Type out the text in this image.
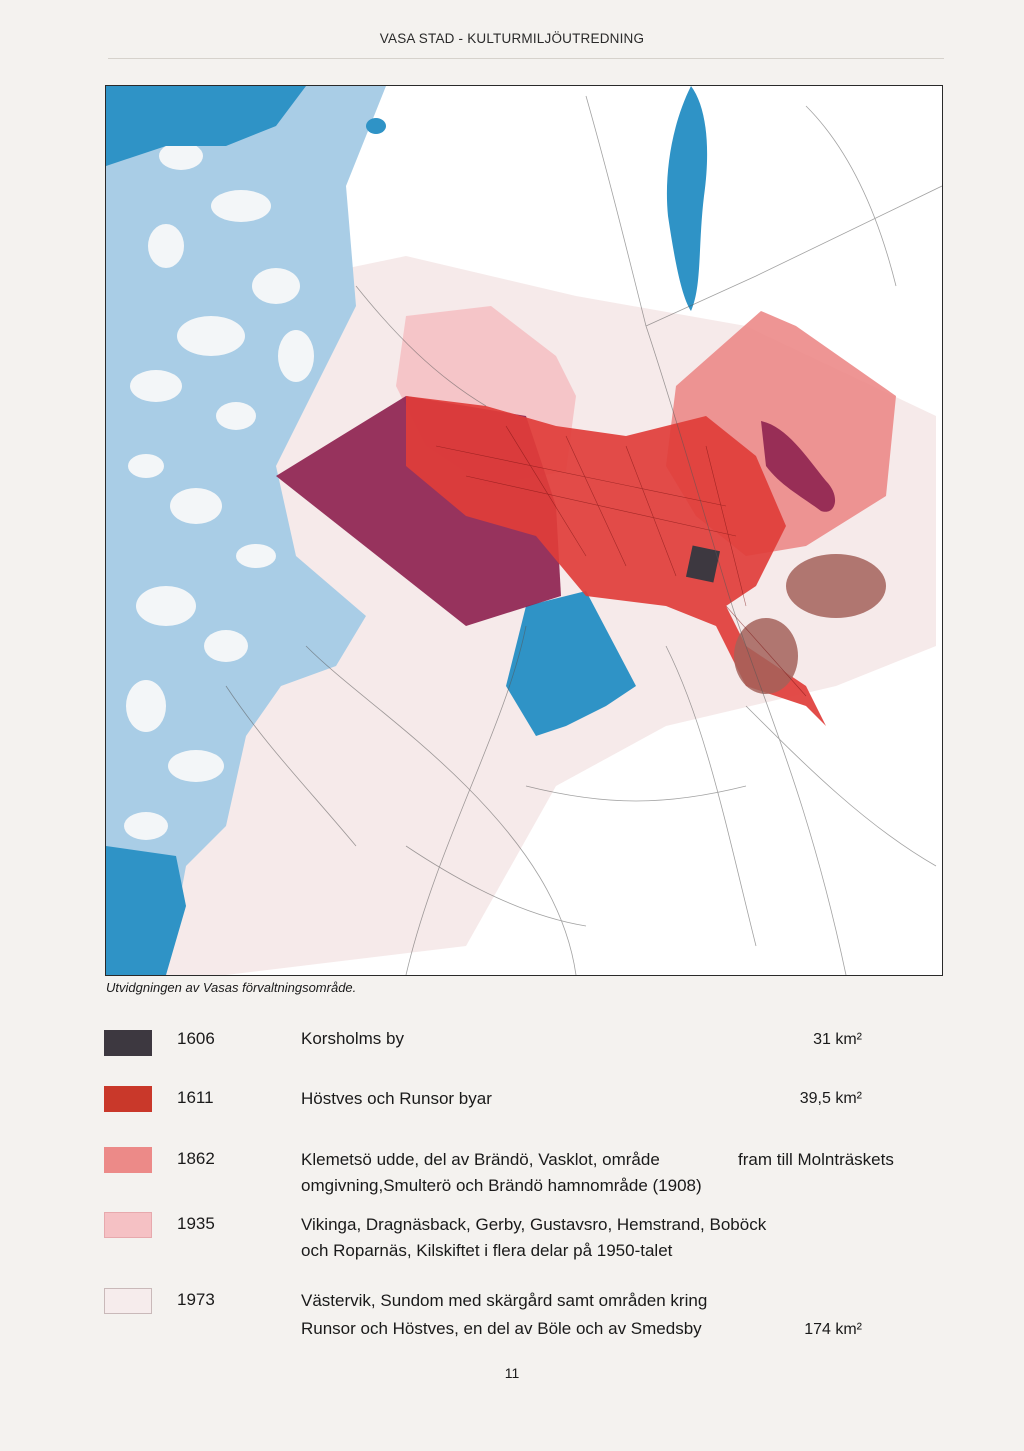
VASA STAD - KULTURMILJÖUTREDNING
Utvidgningen av Vasas förvaltningsområde.
1606	Korsholms by	31 km²
1611	Höstves och Runsor byar	39,5 km²
1862	Klemetsö udde, del av Brändö, Vasklot, område	fram till Molnträskets
omgivning,Smulterö och Brändö hamnområde (1908)
1935	Vikinga, Dragnäsback, Gerby, Gustavsro, Hemstrand, Boböck
och Roparnäs, Kilskiftet i flera delar på 1950-talet
1973	Västervik, Sundom med skärgård samt områden kring
Runsor och Höstves, en del av Böle och av Smedsby	174 km²
11
